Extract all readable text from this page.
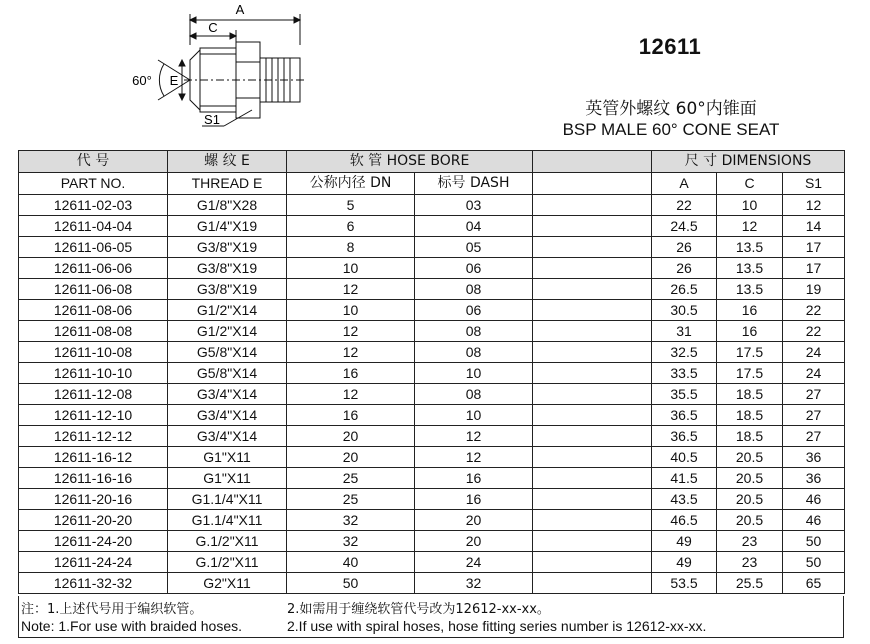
A
C
E
60°
S1
12611
英管外螺纹 60°内锥面
BSP MALE 60° CONE SEAT
代 号	螺 纹 E	软 管 HOSE BORE			尺 寸 DIMENSIONS		
PART NO.	THREAD E	公称内径 DN	标号 DASH		A	C	S1
12611-02-03	G1/8"X28	5	03		22	10	12
12611-04-04	G1/4"X19	6	04		24.5	12	14
12611-06-05	G3/8"X19	8	05		26	13.5	17
12611-06-06	G3/8"X19	10	06		26	13.5	17
12611-06-08	G3/8"X19	12	08		26.5	13.5	19
12611-08-06	G1/2"X14	10	06		30.5	16	22
12611-08-08	G1/2"X14	12	08		31	16	22
12611-10-08	G5/8"X14	12	08		32.5	17.5	24
12611-10-10	G5/8"X14	16	10		33.5	17.5	24
12611-12-08	G3/4"X14	12	08		35.5	18.5	27
12611-12-10	G3/4"X14	16	10		36.5	18.5	27
12611-12-12	G3/4"X14	20	12		36.5	18.5	27
12611-16-12	G1"X11	20	12		40.5	20.5	36
12611-16-16	G1"X11	25	16		41.5	20.5	36
12611-20-16	G1.1/4"X11	25	16		43.5	20.5	46
12611-20-20	G1.1/4"X11	32	20		46.5	20.5	46
12611-24-20	G.1/2"X11	32	20		49	23	50
12611-24-24	G.1/2"X11	40	24		49	23	50
12611-32-32	G2"X11	50	32		53.5	25.5	65
注：1.上述代号用于编织软管。	2.如需用于缠绕软管代号改为12612-xx-xx。
Note: 1.For use with braided hoses.	2.If use with spiral hoses, hose fitting series number is 12612-xx-xx.
